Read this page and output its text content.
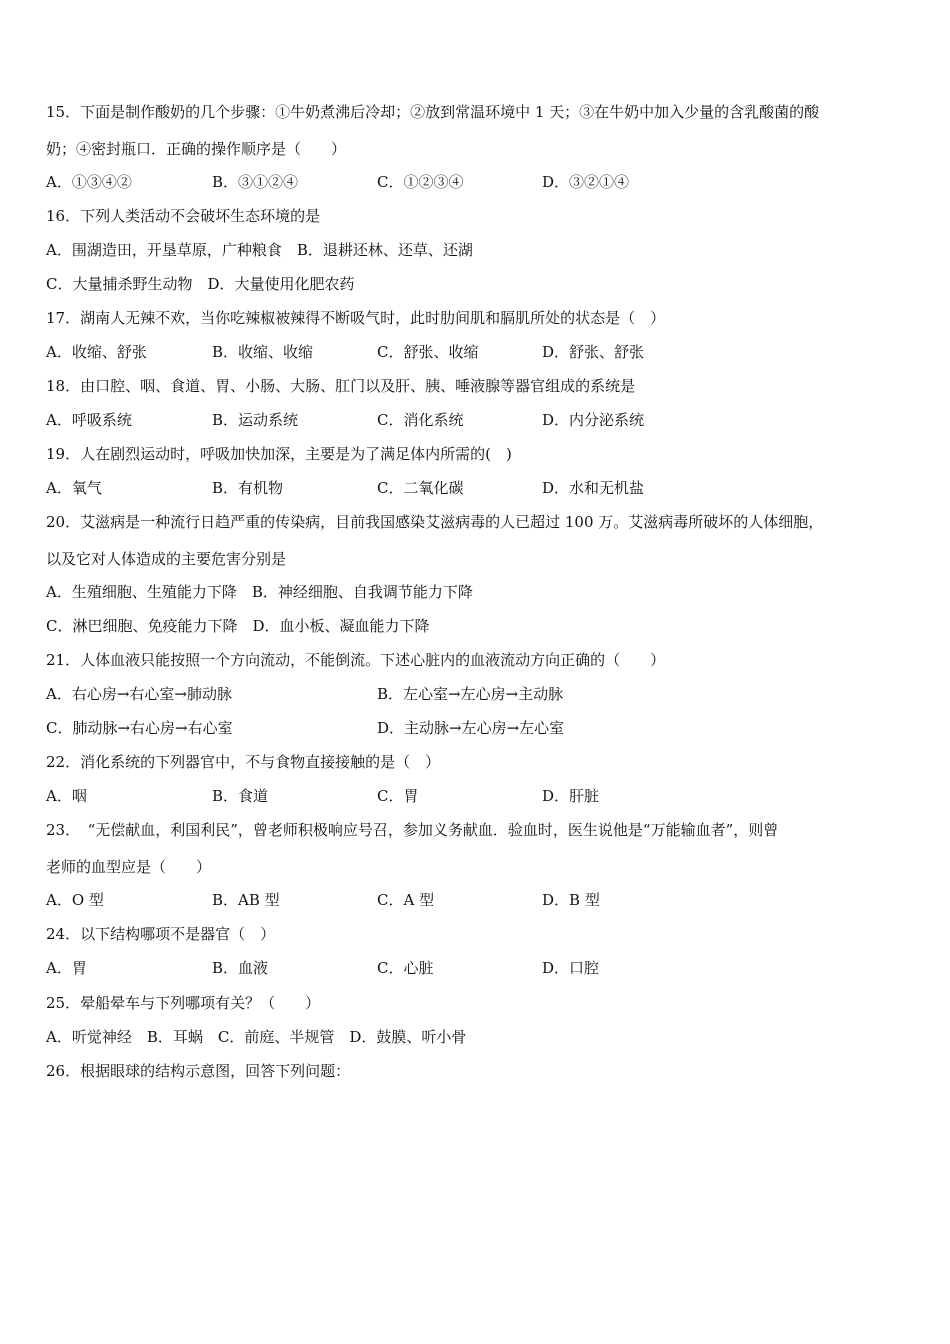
15．下面是制作酸奶的几个步骤：①牛奶煮沸后冷却；②放到常温环境中 1 天；③在牛奶中加入少量的含乳酸菌的酸
奶；④密封瓶口．正确的操作顺序是（　　）
A．①③④②	B．③①②④	C．①②③④	D．③②①④
16．下列人类活动不会破坏生态环境的是
A．围湖造田，开垦草原，广种粮食　B．退耕还林、还草、还湖
C．大量捕杀野生动物　D．大量使用化肥农药
17．湖南人无辣不欢，当你吃辣椒被辣得不断吸气时，此时肋间肌和膈肌所处的状态是（　）
A．收缩、舒张	B．收缩、收缩	C．舒张、收缩	D．舒张、舒张
18．由口腔、咽、食道、胃、小肠、大肠、肛门以及肝、胰、唾液腺等器官组成的系统是
A．呼吸系统	B．运动系统	C．消化系统	D．内分泌系统
19．人在剧烈运动时，呼吸加快加深，主要是为了满足体内所需的(　)
A．氧气	B．有机物	C．二氧化碳	D．水和无机盐
20．艾滋病是一种流行日趋严重的传染病，目前我国感染艾滋病毒的人已超过 100 万。艾滋病毒所破坏的人体细胞，
以及它对人体造成的主要危害分别是
A．生殖细胞、生殖能力下降　B．神经细胞、自我调节能力下降
C．淋巴细胞、免疫能力下降　D．血小板、凝血能力下降
21．人体血液只能按照一个方向流动，不能倒流。下述心脏内的血液流动方向正确的（　　）
A．右心房→右心室→肺动脉	B．左心室→左心房→主动脉
C．肺动脉→右心房→右心室	D．主动脉→左心房→左心室
22．消化系统的下列器官中，不与食物直接接触的是（　）
A．咽	B．食道	C．胃	D．肝脏
23．　“无偿献血，利国利民”，曾老师积极响应号召，参加义务献血．验血时，医生说他是“万能输血者”，则曾
老师的血型应是（　　）
A．O 型	B．AB 型	C．A 型	D．B 型
24．以下结构哪项不是器官（　）
A．胃	B．血液	C．心脏	D．口腔
25．晕船晕车与下列哪项有关？（　　）
A．听觉神经　B．耳蜗　C．前庭、半规管　D．鼓膜、听小骨
26．根据眼球的结构示意图，回答下列问题：
